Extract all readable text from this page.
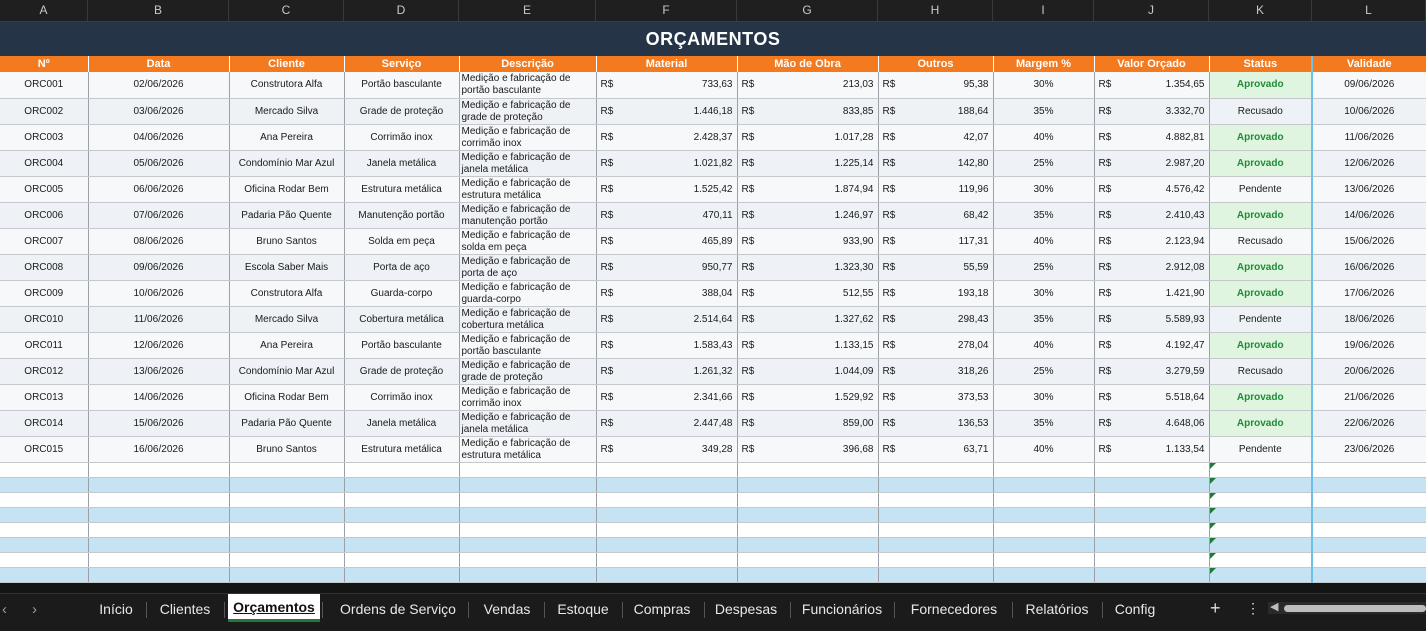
A	B	C	D	E	F	G	H	I	J	K	L
ORÇAMENTOS
Nº	Data	Cliente	Serviço	Descrição	Material	Mão de Obra	Outros	Margem %	Valor Orçado	Status	Validade
ORC001	02/06/2026	Construtora Alfa	Portão basculante	Medição e fabricação de portão basculante	R$ 733,63	R$ 213,03	R$ 95,38	30%	R$ 1.354,65	Aprovado	09/06/2026
ORC002	03/06/2026	Mercado Silva	Grade de proteção	Medição e fabricação de grade de proteção	R$ 1.446,18	R$ 833,85	R$ 188,64	35%	R$ 3.332,70	Recusado	10/06/2026
ORC003	04/06/2026	Ana Pereira	Corrimão inox	Medição e fabricação de corrimão inox	R$ 2.428,37	R$ 1.017,28	R$ 42,07	40%	R$ 4.882,81	Aprovado	11/06/2026
ORC004	05/06/2026	Condomínio Mar Azul	Janela metálica	Medição e fabricação de janela metálica	R$ 1.021,82	R$ 1.225,14	R$ 142,80	25%	R$ 2.987,20	Aprovado	12/06/2026
ORC005	06/06/2026	Oficina Rodar Bem	Estrutura metálica	Medição e fabricação de estrutura metálica	R$ 1.525,42	R$ 1.874,94	R$ 119,96	30%	R$ 4.576,42	Pendente	13/06/2026
ORC006	07/06/2026	Padaria Pão Quente	Manutenção portão	Medição e fabricação de manutenção portão	R$ 470,11	R$ 1.246,97	R$ 68,42	35%	R$ 2.410,43	Aprovado	14/06/2026
ORC007	08/06/2026	Bruno Santos	Solda em peça	Medição e fabricação de solda em peça	R$ 465,89	R$ 933,90	R$ 117,31	40%	R$ 2.123,94	Recusado	15/06/2026
ORC008	09/06/2026	Escola Saber Mais	Porta de aço	Medição e fabricação de porta de aço	R$ 950,77	R$ 1.323,30	R$ 55,59	25%	R$ 2.912,08	Aprovado	16/06/2026
ORC009	10/06/2026	Construtora Alfa	Guarda-corpo	Medição e fabricação de guarda-corpo	R$ 388,04	R$ 512,55	R$ 193,18	30%	R$ 1.421,90	Aprovado	17/06/2026
ORC010	11/06/2026	Mercado Silva	Cobertura metálica	Medição e fabricação de cobertura metálica	R$ 2.514,64	R$ 1.327,62	R$ 298,43	35%	R$ 5.589,93	Pendente	18/06/2026
ORC011	12/06/2026	Ana Pereira	Portão basculante	Medição e fabricação de portão basculante	R$ 1.583,43	R$ 1.133,15	R$ 278,04	40%	R$ 4.192,47	Aprovado	19/06/2026
ORC012	13/06/2026	Condomínio Mar Azul	Grade de proteção	Medição e fabricação de grade de proteção	R$ 1.261,32	R$ 1.044,09	R$ 318,26	25%	R$ 3.279,59	Recusado	20/06/2026
ORC013	14/06/2026	Oficina Rodar Bem	Corrimão inox	Medição e fabricação de corrimão inox	R$ 2.341,66	R$ 1.529,92	R$ 373,53	30%	R$ 5.518,64	Aprovado	21/06/2026
ORC014	15/06/2026	Padaria Pão Quente	Janela metálica	Medição e fabricação de janela metálica	R$ 2.447,48	R$ 859,00	R$ 136,53	35%	R$ 4.648,06	Aprovado	22/06/2026
ORC015	16/06/2026	Bruno Santos	Estrutura metálica	Medição e fabricação de estrutura metálica	R$ 349,28	R$ 396,68	R$ 63,71	40%	R$ 1.133,54	Pendente	23/06/2026

‹ ›	Início	Clientes	Orçamentos	Ordens de Serviço	Vendas	Estoque	Compras	Despesas	Funcionários	Fornecedores	Relatórios	Config	+ ⋮ ◀
